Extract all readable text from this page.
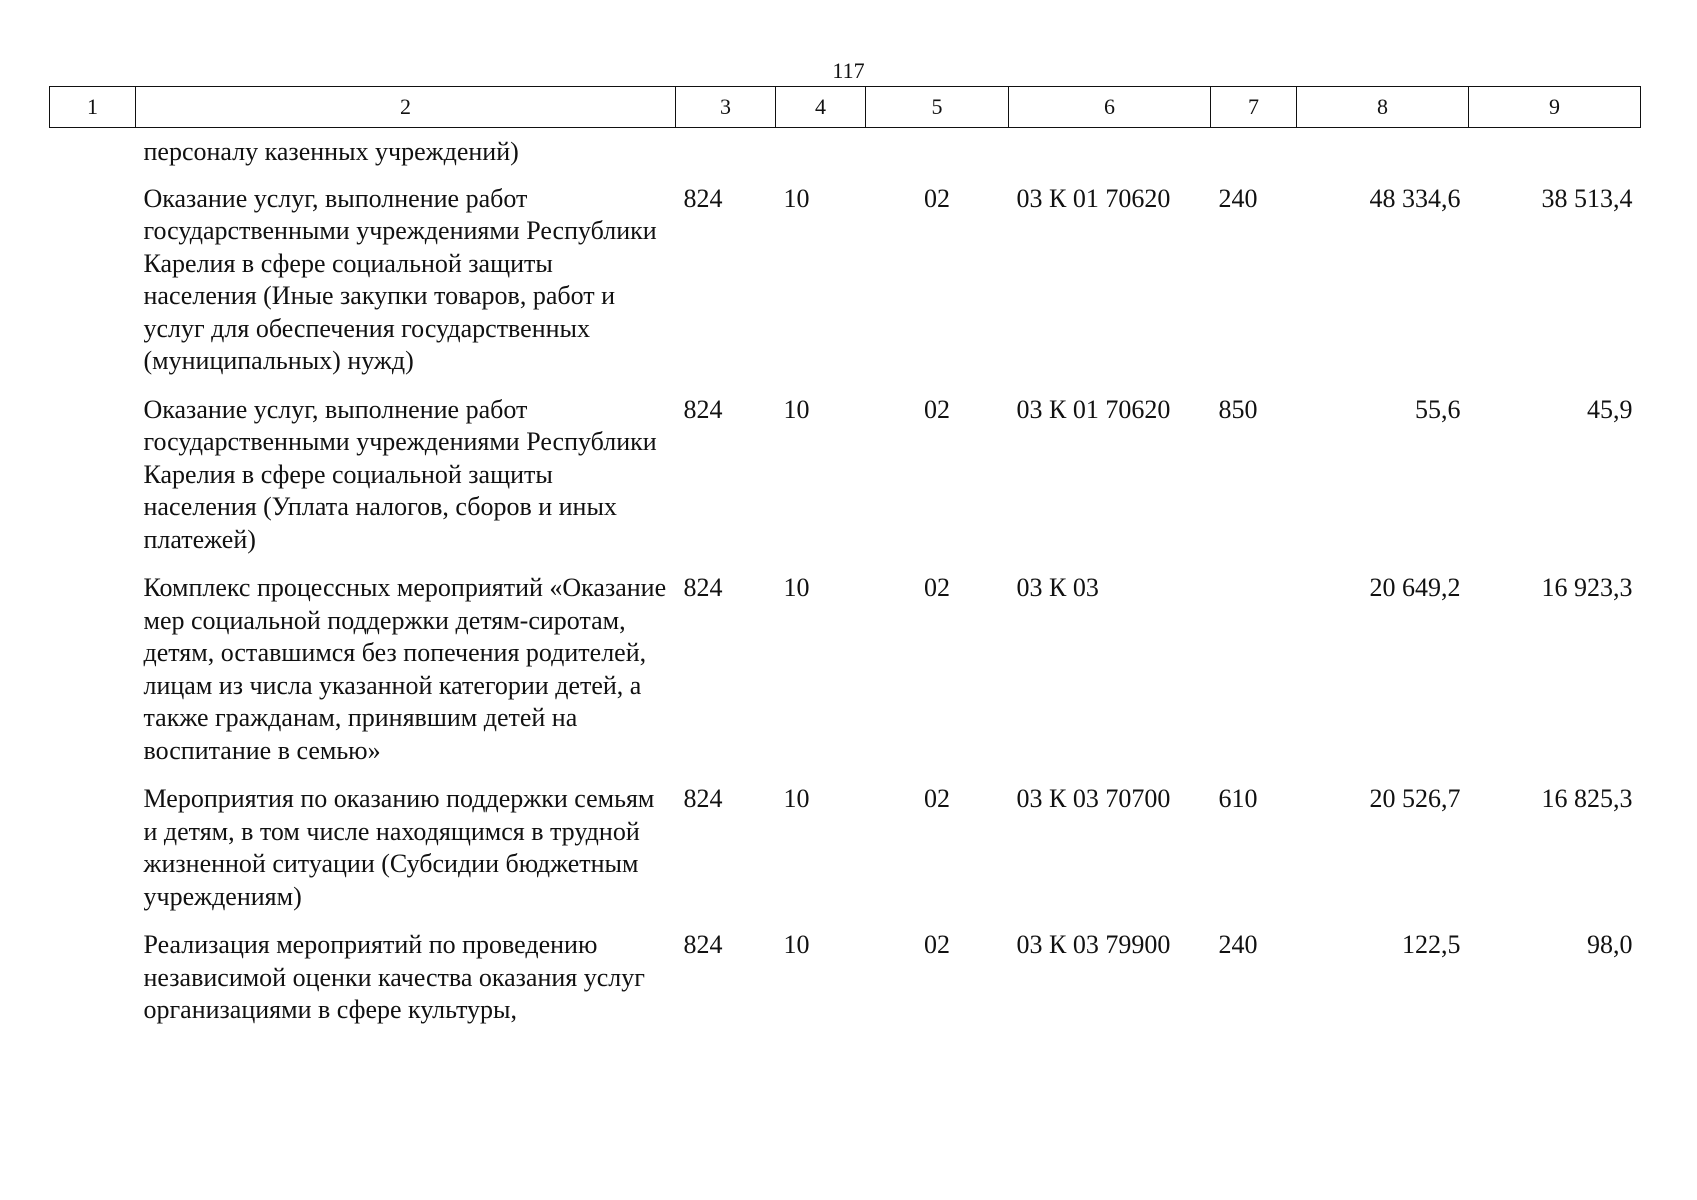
117
1	2	3	4	5	6	7	8	9
	персоналу казенных учреждений)							
	Оказание услуг, выполнение работ государственными учреждениями Республики Карелия в сфере социальной защиты населения (Иные закупки товаров, работ и услуг для обеспечения государственных (муниципальных) нужд)	824	10	02	03 К 01 70620	240	48 334,6	38 513,4
	Оказание услуг, выполнение работ государственными учреждениями Республики Карелия в сфере социальной защиты населения (Уплата налогов, сборов и иных платежей)	824	10	02	03 К 01 70620	850	55,6	45,9
	Комплекс процессных мероприятий «Оказание мер социальной поддержки детям-сиротам, детям, оставшимся без попечения родителей, лицам из числа указанной категории детей, а также гражданам, принявшим детей на воспитание в семью»	824	10	02	03 К 03		20 649,2	16 923,3
	Мероприятия по оказанию поддержки семьям и детям, в том числе находящимся в трудной жизненной ситуации (Субсидии бюджетным учреждениям)	824	10	02	03 К 03 70700	610	20 526,7	16 825,3
	Реализация мероприятий по проведению независимой оценки качества оказания услуг организациями в сфере культуры,	824	10	02	03 К 03 79900	240	122,5	98,0
